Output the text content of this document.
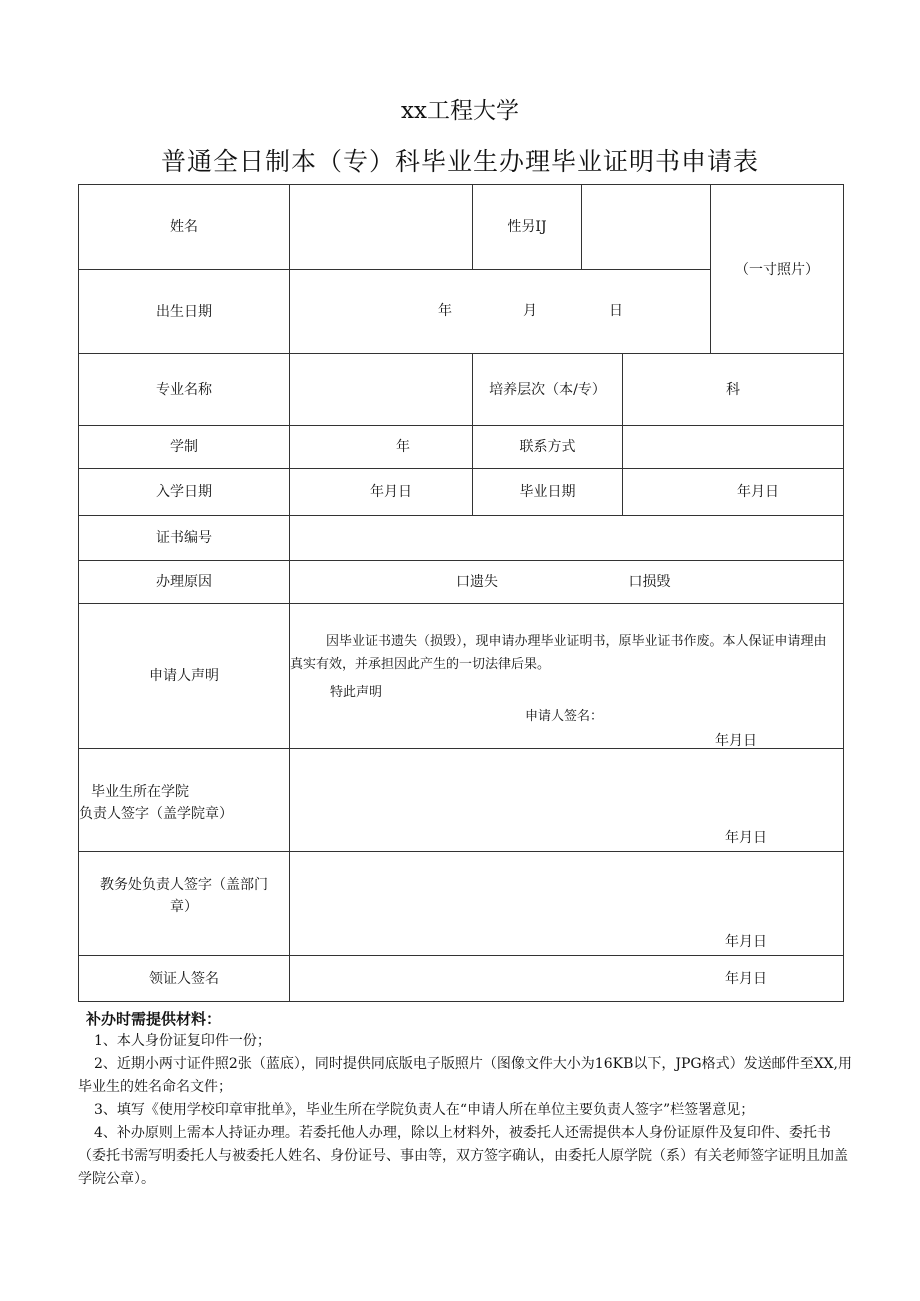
xx工程大学
普通全日制本（专）科毕业生办理毕业证明书申请表
姓名		性另IJ			（一寸照片）
出生日期	年 月 日				

专业名称		培养层次（本/专）		科	
学制	年	联系方式			
入学日期	年月日	毕业日期		年月日	
证书编号					
办理原因	口遗失 口损毁				
申请人声明	因毕业证书遗失（损毁），现申请办理毕业证明书，原毕业证书作废。本人保证申请理由真实有效，并承担因此产生的一切法律后果。
特此声明
申请人签名：
年月日				

毕业生所在学院
负责人签字（盖学院章）	年月日				

教务处负责人签字（盖部门
章）	年月日				

领证人签名	年月日				
补办时需提供材料：

1、本人身份证复印件一份；

2、近期小两寸证件照2张（蓝底），同时提供同底版电子版照片（图像文件大小为16KB以下，JPG格式）发送邮件至XX,用毕业生的姓名命名文件；

3、填写《使用学校印章审批单》，毕业生所在学院负责人在“申请人所在单位主要负责人签字”栏签署意见；

4、补办原则上需本人持证办理。若委托他人办理，除以上材料外，被委托人还需提供本人身份证原件及复印件、委托书（委托书需写明委托人与被委托人姓名、身份证号、事由等，双方签字确认，由委托人原学院（系）有关老师签字证明且加盖学院公章）。
